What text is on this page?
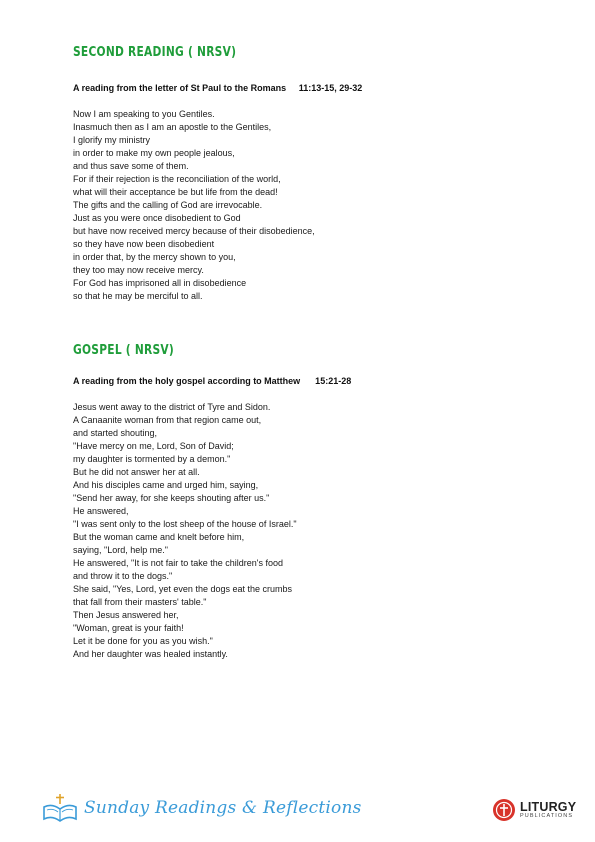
SECOND READING ( NRSV)
A reading from the letter of St Paul to the Romans     11:13-15, 29-32
Now I am speaking to you Gentiles.
Inasmuch then as I am an apostle to the Gentiles,
I glorify my ministry
in order to make my own people jealous,
and thus save some of them.
For if their rejection is the reconciliation of the world,
what will their acceptance be but life from the dead!
The gifts and the calling of God are irrevocable.
Just as you were once disobedient to God
but have now received mercy because of their disobedience,
so they have now been disobedient
in order that, by the mercy shown to you,
they too may now receive mercy.
For God has imprisoned all in disobedience
so that he may be merciful to all.
GOSPEL ( NRSV)
A reading from the holy gospel according to Matthew      15:21-28
Jesus went away to the district of Tyre and Sidon.
A Canaanite woman from that region came out,
and started shouting,
"Have mercy on me, Lord, Son of David;
my daughter is tormented by a demon."
But he did not answer her at all.
And his disciples came and urged him, saying,
"Send her away, for she keeps shouting after us."
He answered,
"I was sent only to the lost sheep of the house of Israel."
But the woman came and knelt before him,
saying, "Lord, help me."
He answered, "It is not fair to take the children's food
and throw it to the dogs."
She said, "Yes, Lord, yet even the dogs eat the crumbs
that fall from their masters' table."
Then Jesus answered her,
"Woman, great is your faith!
Let it be done for you as you wish."
And her daughter was healed instantly.
Sunday Readings & Reflections	LITURGY
PUBLICATIONS
